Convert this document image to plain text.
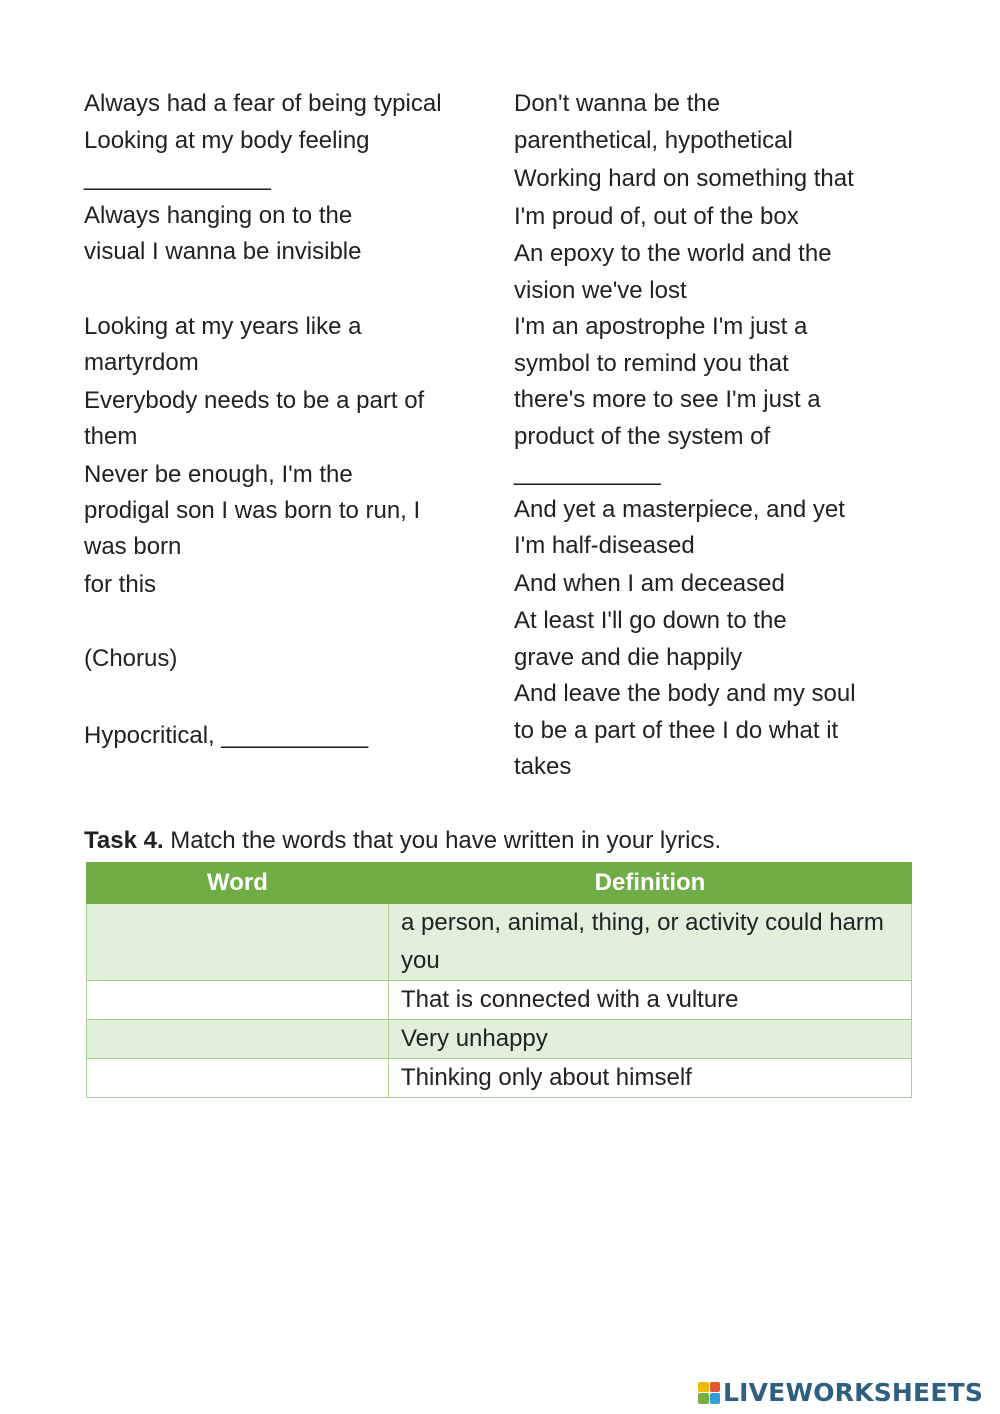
Always had a fear of being typical

Looking at my body feeling

______________

Always hanging on to the

visual I wanna be invisible

Looking at my years like a

martyrdom

Everybody needs to be a part of

them

Never be enough, I'm the

prodigal son I was born to run, I

was born

for this

(Chorus)

Hypocritical, ___________

Don't wanna be the

parenthetical, hypothetical

Working hard on something that

I'm proud of, out of the box

An epoxy to the world and the

vision we've lost

I'm an apostrophe I'm just a

symbol to remind you that

there's more to see I'm just a

product of the system of

___________

And yet a masterpiece, and yet

I'm half-diseased

And when I am deceased

At least I'll go down to the

grave and die happily

And leave the body and my soul

to be a part of thee I do what it

takes

Task 4. Match the words that you have written in your lyrics.
Word	Definition
	a person, animal, thing, or activity could harm you
	That is connected with a vulture
	Very unhappy
	Thinking only about himself
LIVEWORKSHEETS
